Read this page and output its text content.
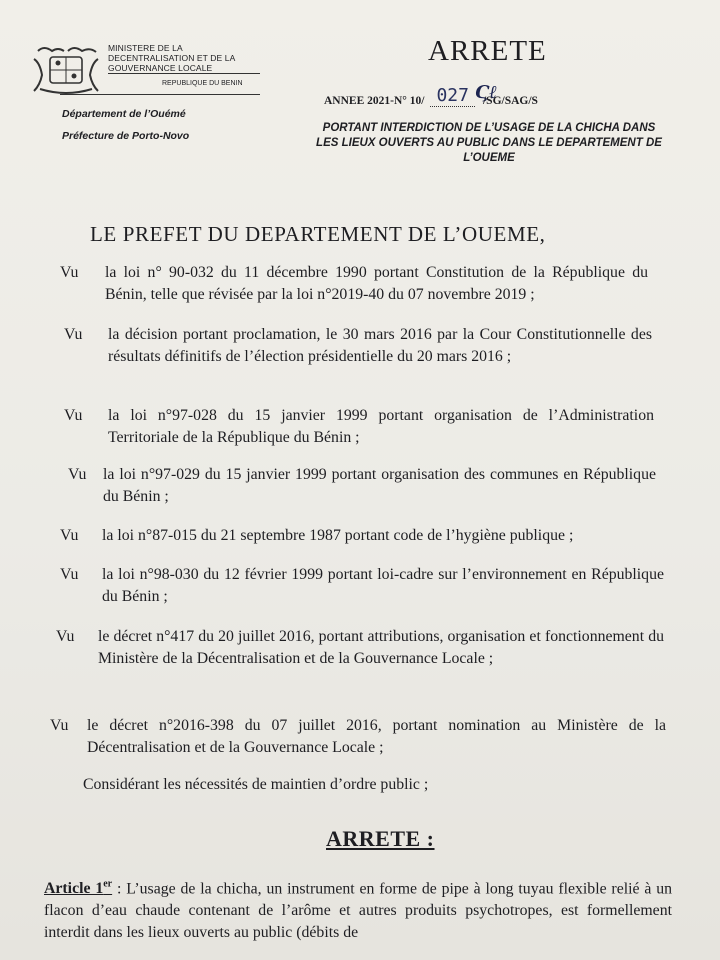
MINISTERE DE LA DECENTRALISATION ET DE LA GOUVERNANCE LOCALE
REPUBLIQUE DU BENIN
Département de l’Ouémé
Préfecture de Porto-Novo
ARRETE
ANNEE 2021-N° 10/ 027 Ϛℓ/SG/SAG/S
PORTANT INTERDICTION DE L’USAGE DE LA CHICHA DANS LES LIEUX OUVERTS AU PUBLIC DANS LE DEPARTEMENT DE L’OUEME
LE PREFET DU DEPARTEMENT DE L’OUEME,
Vu la loi n° 90-032 du 11 décembre 1990 portant Constitution de la République du Bénin, telle que révisée par la loi n°2019-40 du 07 novembre 2019 ;
Vu la décision portant proclamation, le 30 mars 2016 par la Cour Constitutionnelle des résultats définitifs de l’élection présidentielle du 20 mars 2016 ;
Vu la loi n°97-028 du 15 janvier 1999 portant organisation de l’Administration Territoriale de la République du Bénin ;
Vu la loi n°97-029 du 15 janvier 1999 portant organisation des communes en République du Bénin ;
Vu la loi n°87-015 du 21 septembre 1987 portant code de l’hygiène publique ;
Vu la loi n°98-030 du 12 février 1999 portant loi-cadre sur l’environnement en République du Bénin ;
Vu le décret n°417 du 20 juillet 2016, portant attributions, organisation et fonctionnement du Ministère de la Décentralisation et de la Gouvernance Locale ;
Vu le décret n°2016-398 du 07 juillet 2016, portant nomination au Ministère de la Décentralisation et de la Gouvernance Locale ;
Considérant les nécessités de maintien d’ordre public ;
ARRETE :
Article 1er : L’usage de la chicha, un instrument en forme de pipe à long tuyau flexible relié à un flacon d’eau chaude contenant de l’arôme et autres produits psychotropes, est formellement interdit dans les lieux ouverts au public (débits de
